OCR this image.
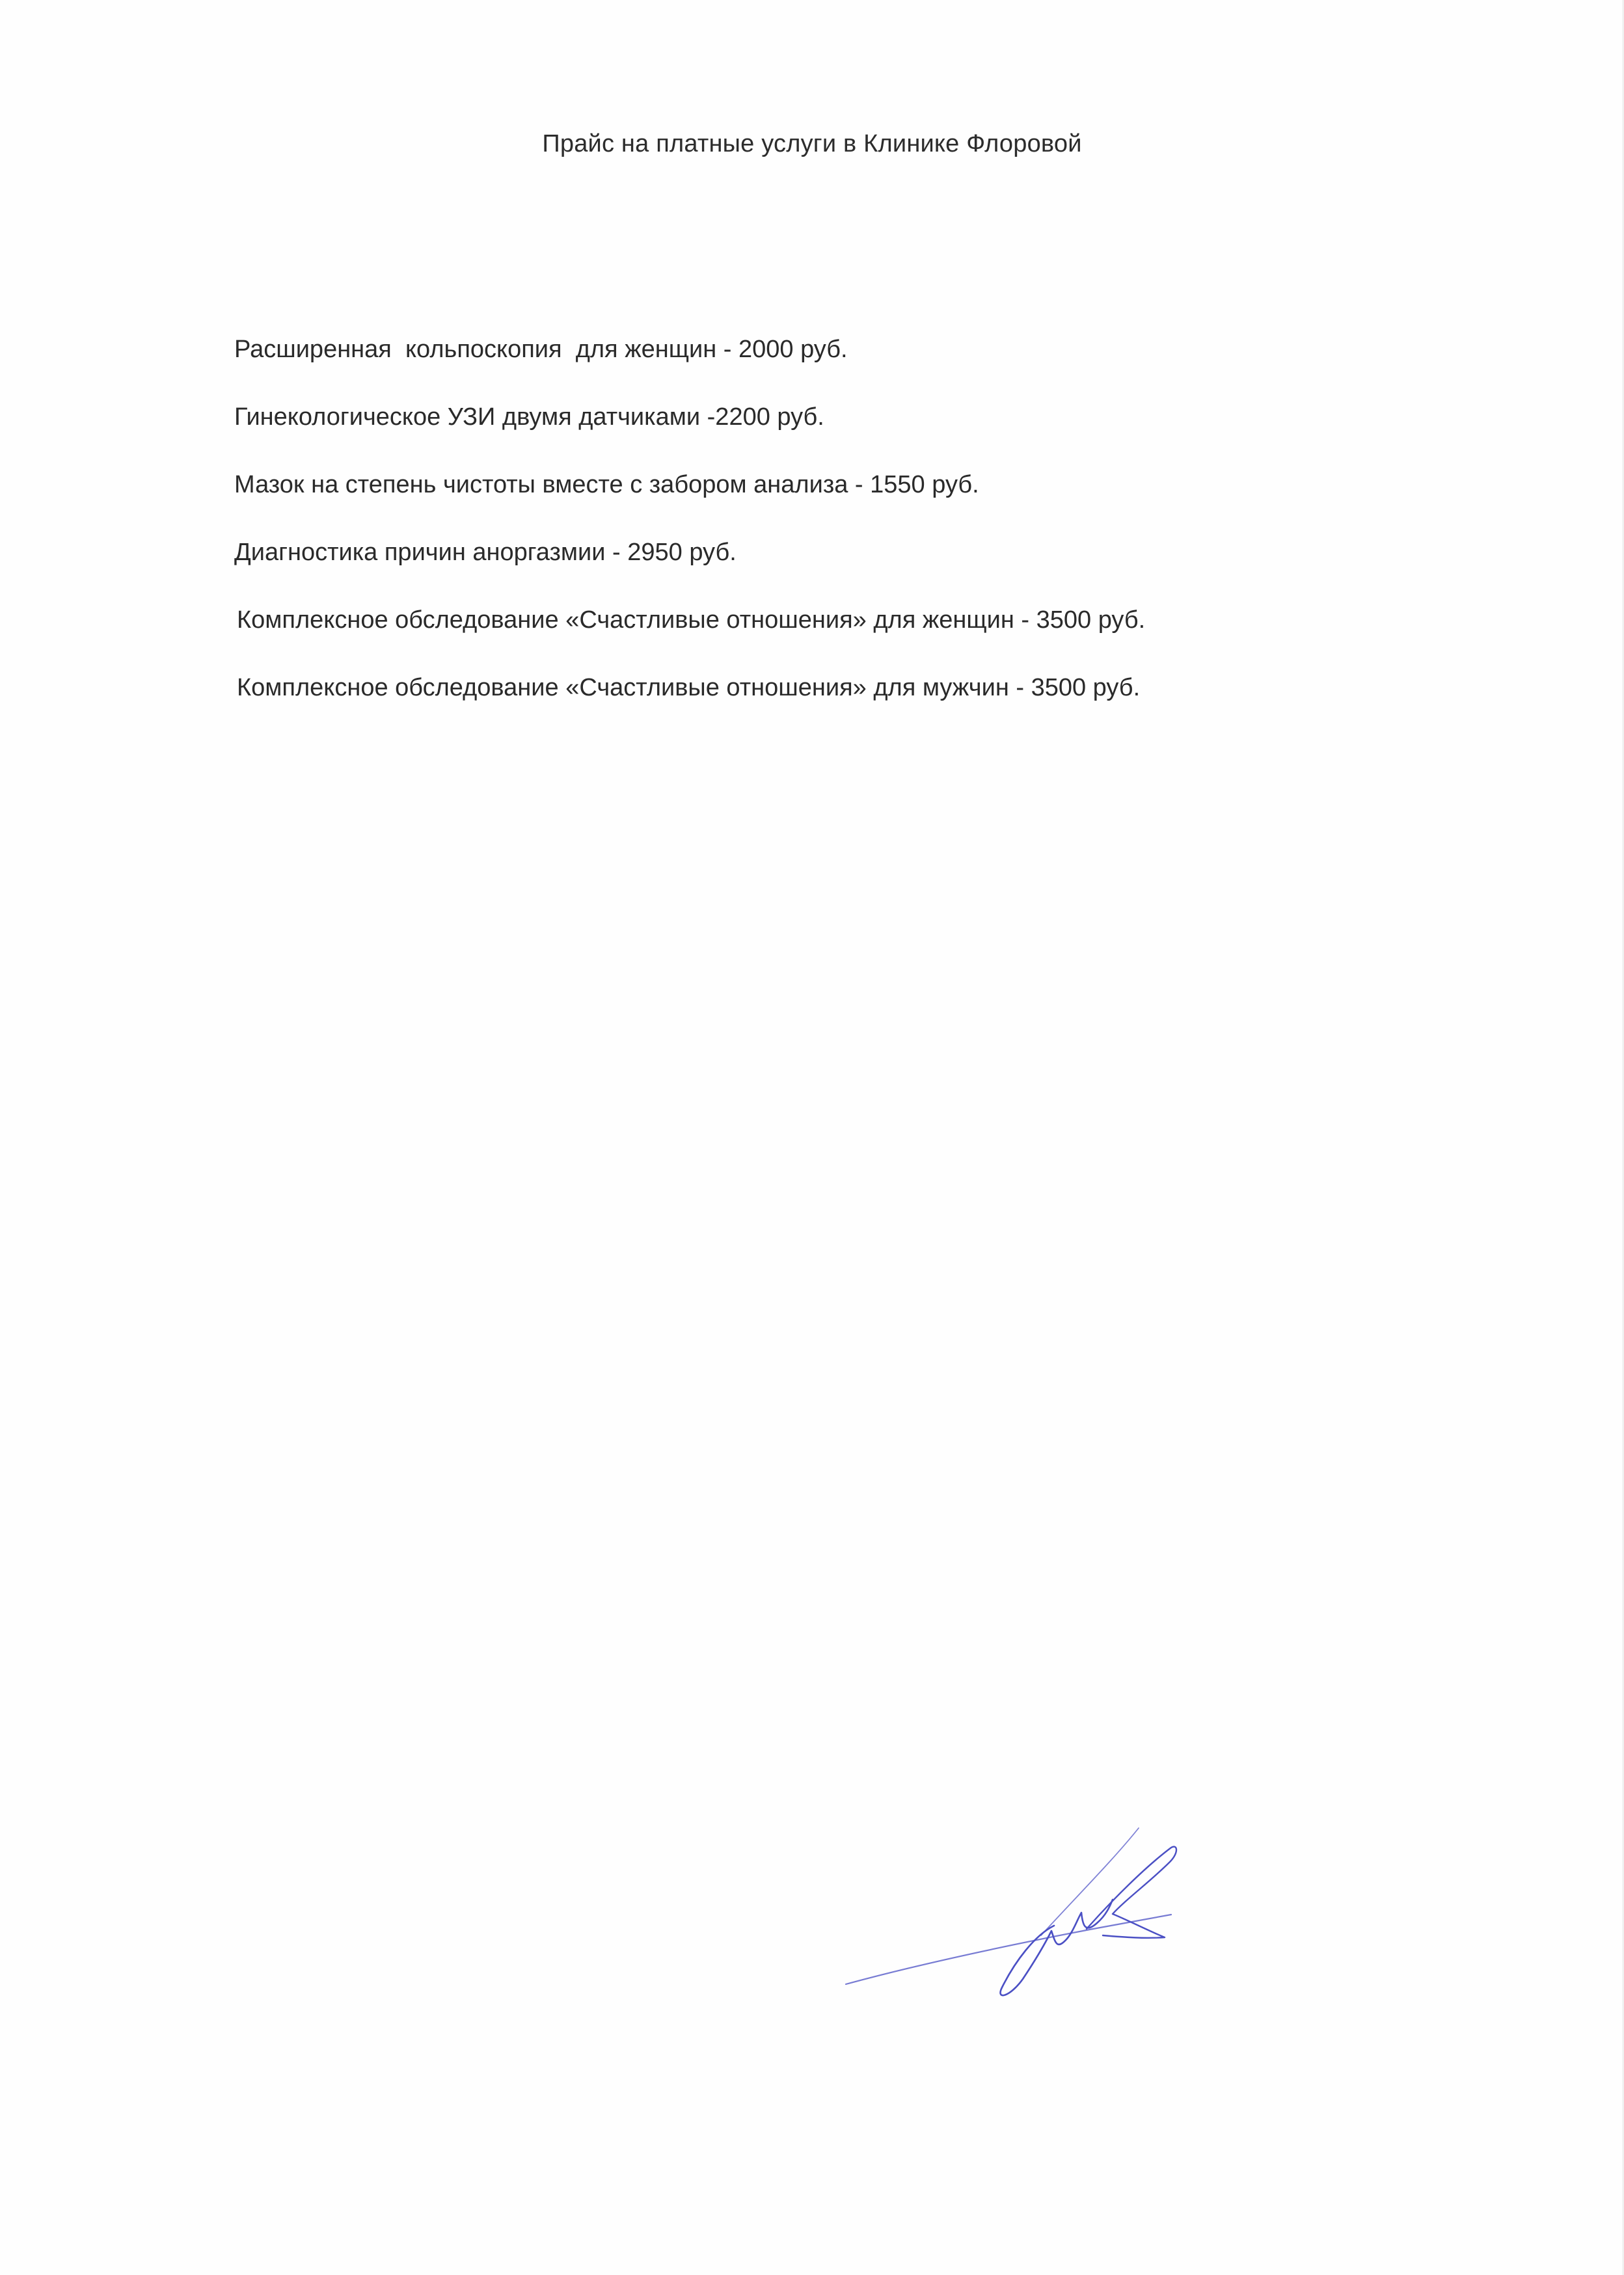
Прайс на платные услуги в Клинике Флоровой
Расширенная  кольпоскопия  для женщин - 2000 руб.
Гинекологическое УЗИ двумя датчиками -2200 руб.
Мазок на степень чистоты вместе с забором анализа - 1550 руб.
Диагностика причин аноргазмии - 2950 руб.
Комплексное обследование «Счастливые отношения» для женщин - 3500 руб.
Комплексное обследование «Счастливые отношения» для мужчин - 3500 руб.
